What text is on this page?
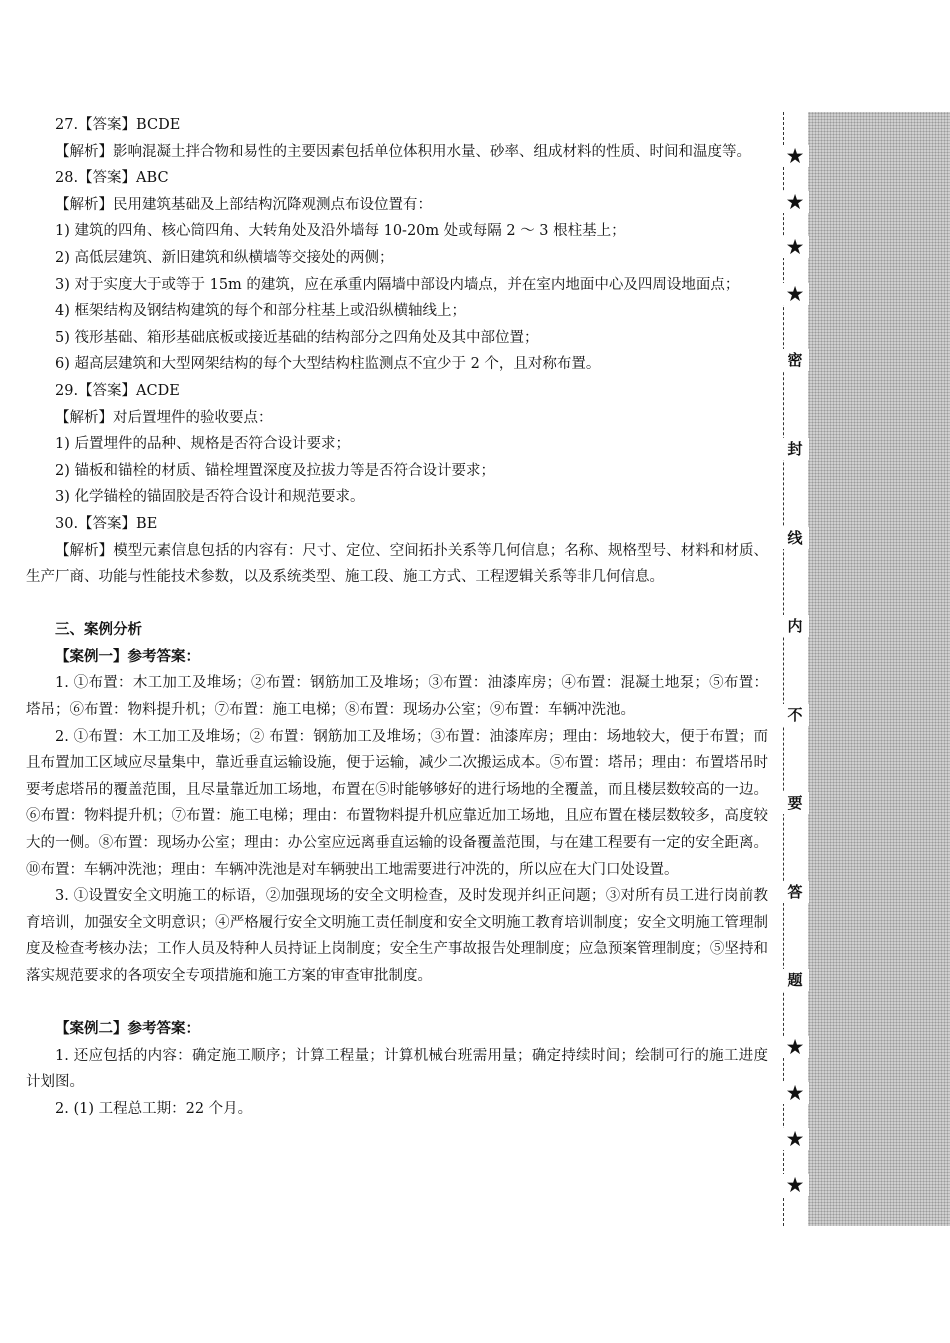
★
★
★
★
密
封
线
内
不
要
答
题
★
★
★
★

27.【答案】BCDE

【解析】影响混凝土拌合物和易性的主要因素包括单位体积用水量、砂率、组成材料的性质、时间和温度等。

28.【答案】ABC

【解析】民用建筑基础及上部结构沉降观测点布设位置有：

1) 建筑的四角、核心筒四角、大转角处及沿外墙每 10-20m 处或每隔 2 ～ 3 根柱基上；

2) 高低层建筑、新旧建筑和纵横墙等交接处的两侧；

3) 对于实度大于或等于 15m 的建筑，应在承重内隔墙中部设内墙点，并在室内地面中心及四周设地面点；

4) 框架结构及钢结构建筑的每个和部分柱基上或沿纵横轴线上；

5) 筏形基础、箱形基础底板或接近基础的结构部分之四角处及其中部位置；

6) 超高层建筑和大型网架结构的每个大型结构柱监测点不宜少于 2 个，且对称布置。

29.【答案】ACDE

【解析】对后置埋件的验收要点：

1) 后置埋件的品种、规格是否符合设计要求；

2) 锚板和锚栓的材质、锚栓埋置深度及拉拔力等是否符合设计要求；

3) 化学锚栓的锚固胶是否符合设计和规范要求。

30.【答案】BE

【解析】模型元素信息包括的内容有：尺寸、定位、空间拓扑关系等几何信息；名称、规格型号、材料和材质、生产厂商、功能与性能技术参数，以及系统类型、施工段、施工方式、工程逻辑关系等非几何信息。

三、案例分析

【案例一】参考答案：

1. ①布置：木工加工及堆场；②布置：钢筋加工及堆场；③布置：油漆库房；④布置：混凝土地泵；⑤布置：塔吊；⑥布置：物料提升机；⑦布置：施工电梯；⑧布置：现场办公室；⑨布置：车辆冲洗池。

2. ①布置：木工加工及堆场；② 布置：钢筋加工及堆场；③布置：油漆库房；理由：场地较大，便于布置；而且布置加工区域应尽量集中，靠近垂直运输设施，便于运输，减少二次搬运成本。⑤布置：塔吊；理由：布置塔吊时要考虑塔吊的覆盖范围，且尽量靠近加工场地，布置在⑤时能够够好的进行场地的全覆盖，而且楼层数较高的一边。⑥布置：物料提升机；⑦布置：施工电梯；理由：布置物料提升机应靠近加工场地，且应布置在楼层数较多，高度较大的一侧。⑧布置：现场办公室；理由：办公室应远离垂直运输的设备覆盖范围，与在建工程要有一定的安全距离。⑩布置：车辆冲洗池；理由：车辆冲洗池是对车辆驶出工地需要进行冲洗的，所以应在大门口处设置。

3. ①设置安全文明施工的标语，②加强现场的安全文明检查，及时发现并纠正问题；③对所有员工进行岗前教育培训，加强安全文明意识；④严格履行安全文明施工责任制度和安全文明施工教育培训制度；安全文明施工管理制度及检查考核办法；工作人员及特种人员持证上岗制度；安全生产事故报告处理制度；应急预案管理制度；⑤坚持和落实规范要求的各项安全专项措施和施工方案的审查审批制度。

【案例二】参考答案：

1. 还应包括的内容：确定施工顺序；计算工程量；计算机械台班需用量；确定持续时间；绘制可行的施工进度计划图。

2. (1) 工程总工期：22 个月。
